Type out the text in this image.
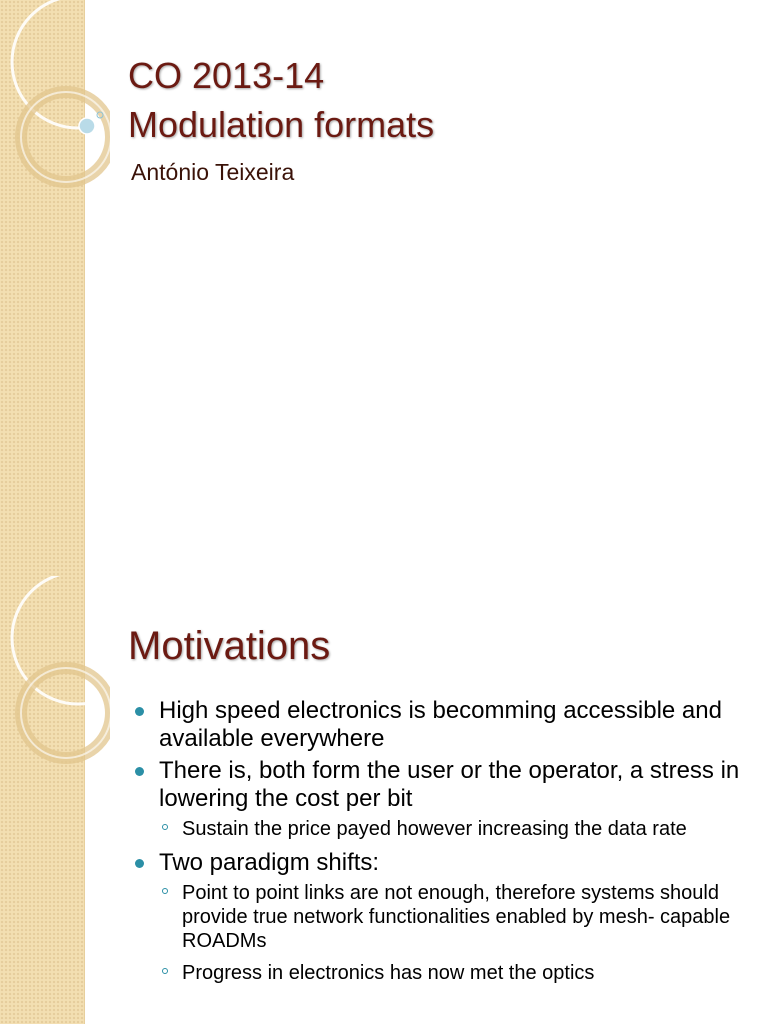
CO 2013-14
Modulation formats

António Teixeira

Motivations
High speed electronics is becomming accessible and available everywhere
There is, both form the user or the operator, a stress in lowering the cost per bit
Sustain the price payed however increasing the data rate
Two paradigm shifts:
Point to point links are not enough, therefore systems should provide true network functionalities enabled by mesh- capable ROADMs
Progress in electronics has now met the optics
